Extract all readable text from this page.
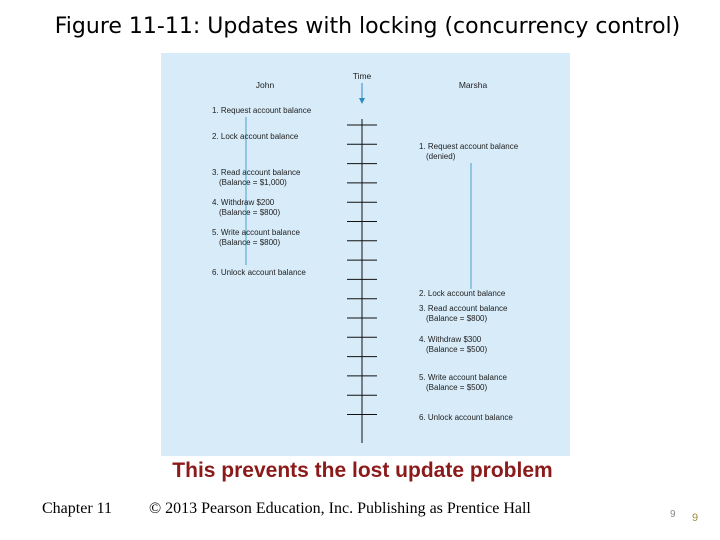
Figure 11-11: Updates with locking (concurrency control)
John
Time
Marsha
1. Request account balance
2. Lock account balance
3. Read account balance
(Balance = $1,000)
4. Withdraw $200
(Balance = $800)
5. Write account balance
(Balance = $800)
6. Unlock account balance
1. Request account balance
(denied)
2. Lock account balance
3. Read account balance
(Balance = $800)
4. Withdraw $300
(Balance = $500)
5. Write account balance
(Balance = $500)
6. Unlock account balance
This prevents the lost update problem
Chapter 11 © 2013 Pearson Education, Inc. Publishing as Prentice Hall	9 9
